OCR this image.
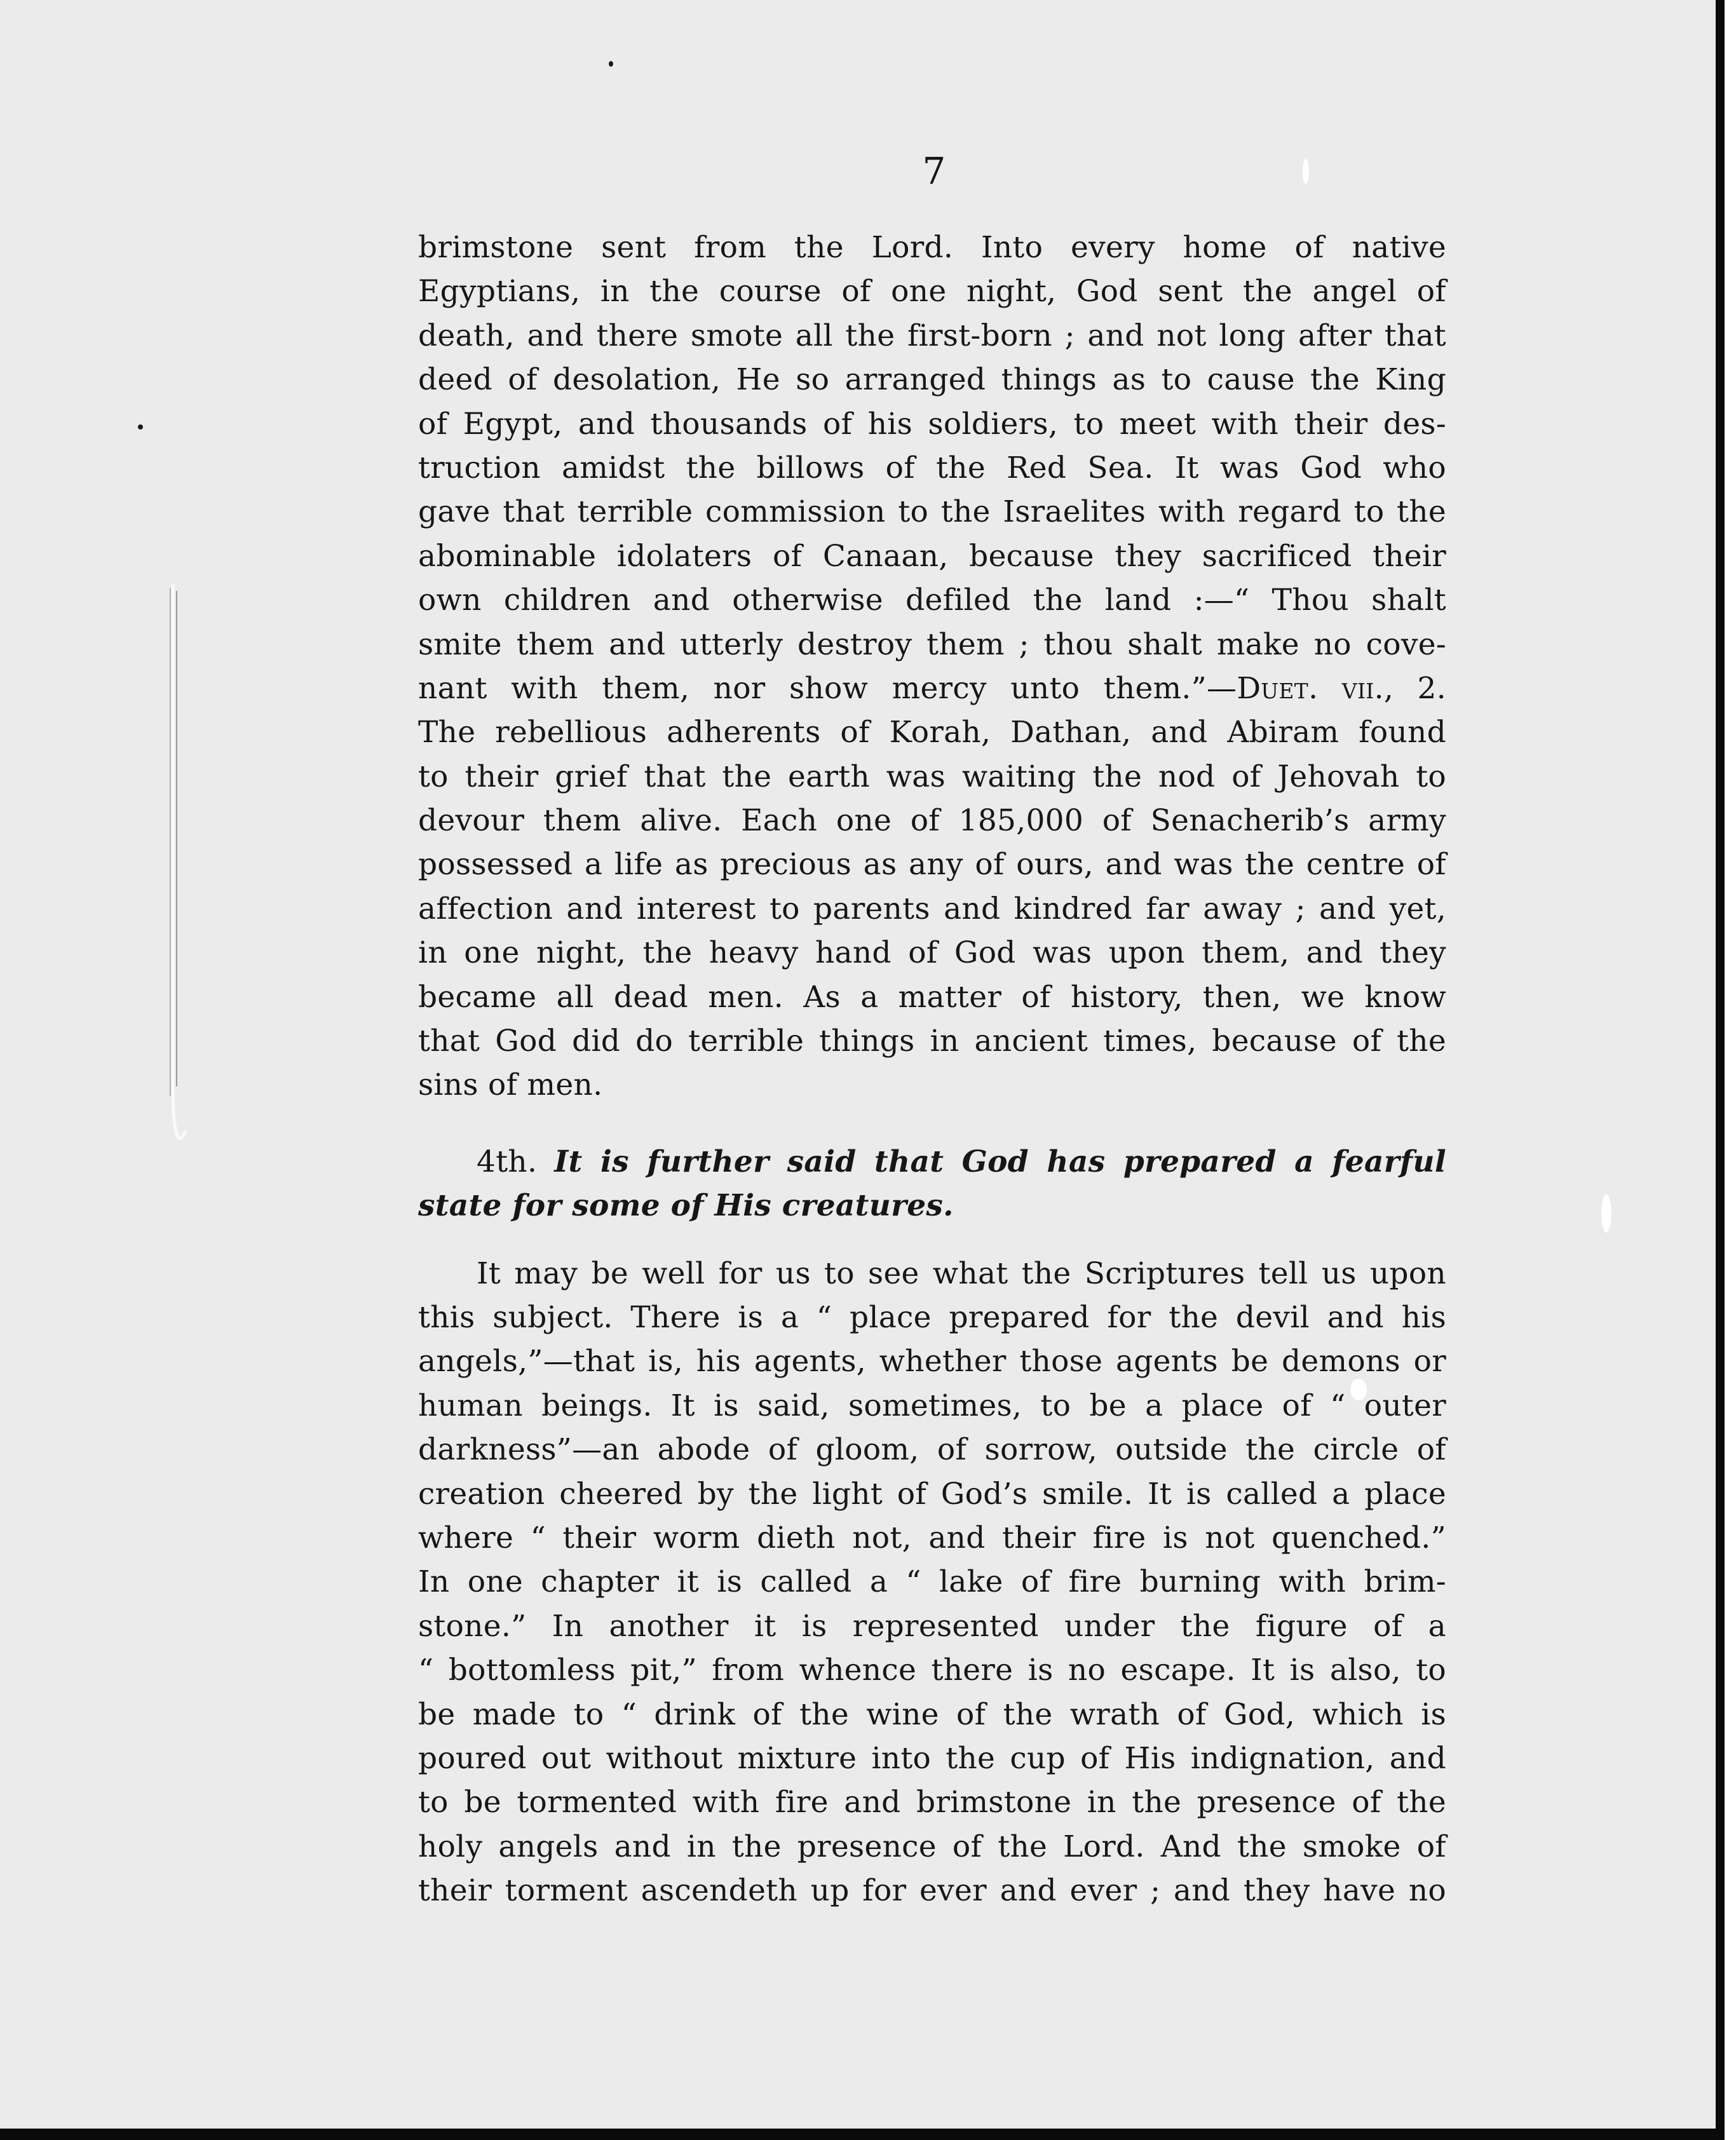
7
brimstone sent from the Lord. Into every home of native
Egyptians, in the course of one night, God sent the angel of
death, and there smote all the first-born ; and not long after that
deed of desolation, He so arranged things as to cause the King
of Egypt, and thousands of his soldiers, to meet with their des-
truction amidst the billows of the Red Sea. It was God who
gave that terrible commission to the Israelites with regard to the
abominable idolaters of Canaan, because they sacrificed their
own children and otherwise defiled the land :—“ Thou shalt
smite them and utterly destroy them ; thou shalt make no cove-
nant with them, nor show mercy unto them.”—Duet. vii., 2.
The rebellious adherents of Korah, Dathan, and Abiram found
to their grief that the earth was waiting the nod of Jehovah to
devour them alive. Each one of 185,000 of Senacherib’s army
possessed a life as precious as any of ours, and was the centre of
affection and interest to parents and kindred far away ; and yet,
in one night, the heavy hand of God was upon them, and they
became all dead men. As a matter of history, then, we know
that God did do terrible things in ancient times, because of the
sins of men.
4th. It is further said that God has prepared a fearful
state for some of His creatures.
It may be well for us to see what the Scriptures tell us upon
this subject. There is a “ place prepared for the devil and his
angels,”—that is, his agents, whether those agents be demons or
human beings. It is said, sometimes, to be a place of “ outer
darkness”—an abode of gloom, of sorrow, outside the circle of
creation cheered by the light of God’s smile. It is called a place
where “ their worm dieth not, and their fire is not quenched.”
In one chapter it is called a “ lake of fire burning with brim-
stone.” In another it is represented under the figure of a
“ bottomless pit,” from whence there is no escape. It is also, to
be made to “ drink of the wine of the wrath of God, which is
poured out without mixture into the cup of His indignation, and
to be tormented with fire and brimstone in the presence of the
holy angels and in the presence of the Lord. And the smoke of
their torment ascendeth up for ever and ever ; and they have no
